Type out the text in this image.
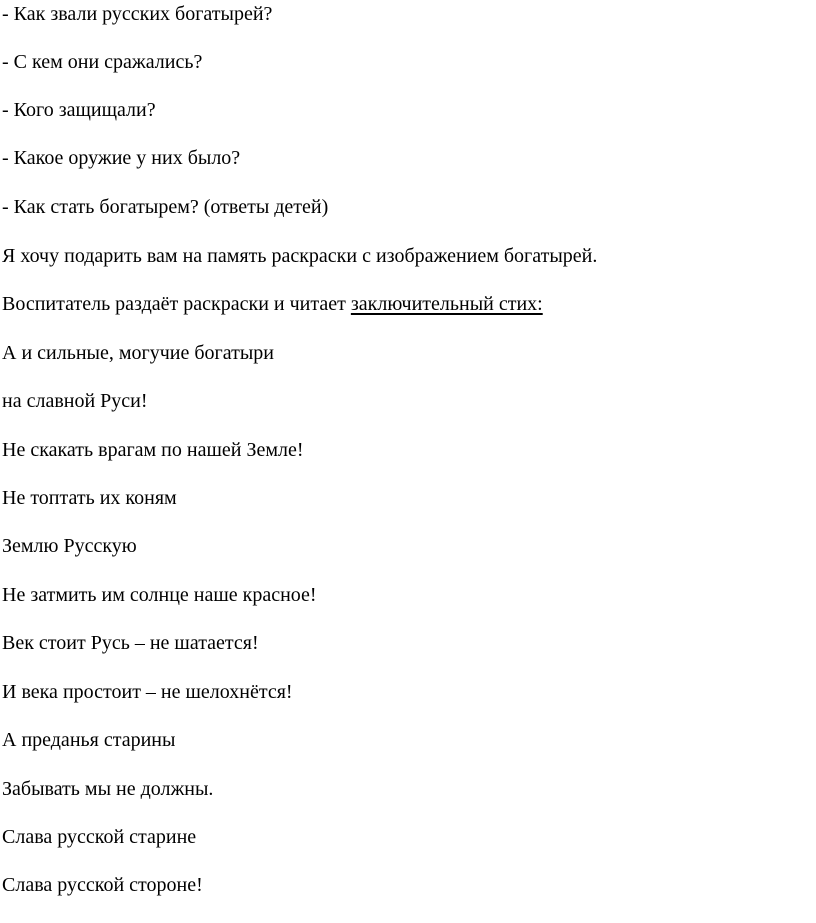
- Как звали русских богатырей?
- С кем они сражались?
- Кого защищали?
- Какое оружие у них было?
- Как стать богатырем? (ответы детей)
Я хочу подарить вам на память раскраски с изображением богатырей.
Воспитатель раздаёт раскраски и читает заключительный стих:
А и сильные, могучие богатыри
на славной Руси!
Не скакать врагам по нашей Земле!
Не топтать их коням
Землю Русскую
Не затмить им солнце наше красное!
Век стоит Русь – не шатается!
И века простоит – не шелохнётся!
А преданья старины
Забывать мы не должны.
Слава русской старине
Слава русской стороне!
